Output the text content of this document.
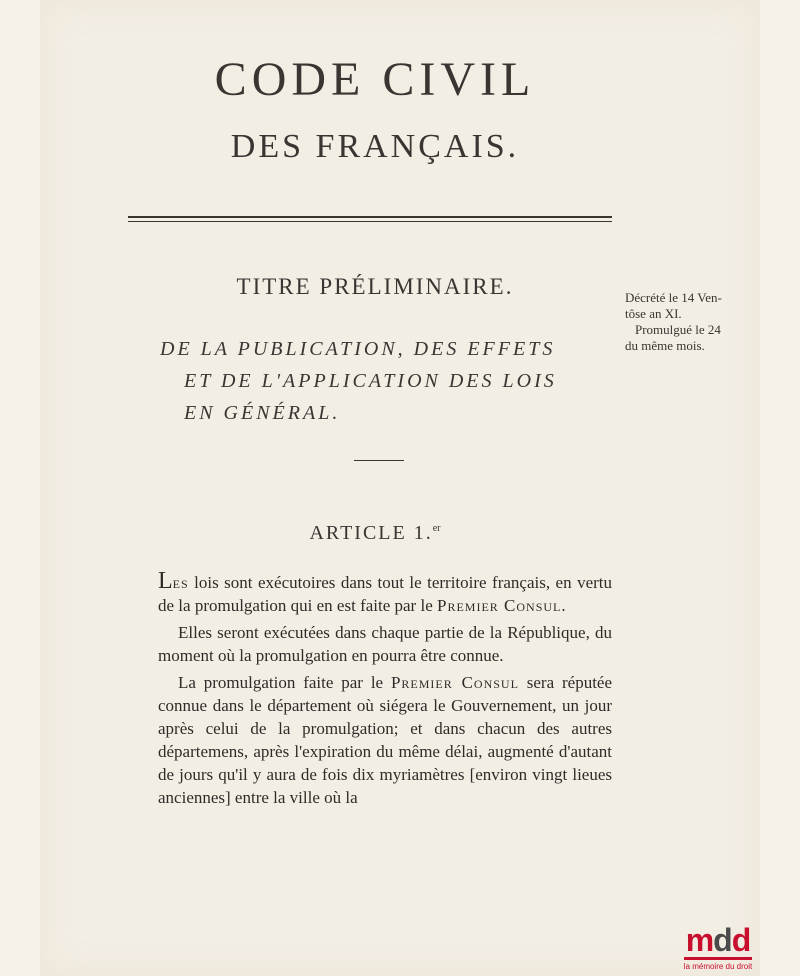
CODE CIVIL
DES FRANÇAIS.
TITRE PRÉLIMINAIRE.
DE LA PUBLICATION, DES EFFETS
ET DE L'APPLICATION DES LOIS
EN GÉNÉRAL.
ARTICLE 1.$^{er}$
Décrété le 14 Ven-
tôse an XI.
Promulgué le 24
du même mois.

Les lois sont exécutoires dans tout le territoire français, en vertu de la promulgation qui en est faite par le Premier Consul.

Elles seront exécutées dans chaque partie de la République, du moment où la promulgation en pourra être connue.

La promulgation faite par le Premier Consul sera réputée connue dans le département où siégera le Gouvernement, un jour après celui de la promulgation; et dans chacun des autres départemens, après l'expiration du même délai, augmenté d'autant de jours qu'il y aura de fois dix myriamètres [environ vingt lieues anciennes] entre la ville où la

mdd
la mémoire du droit
